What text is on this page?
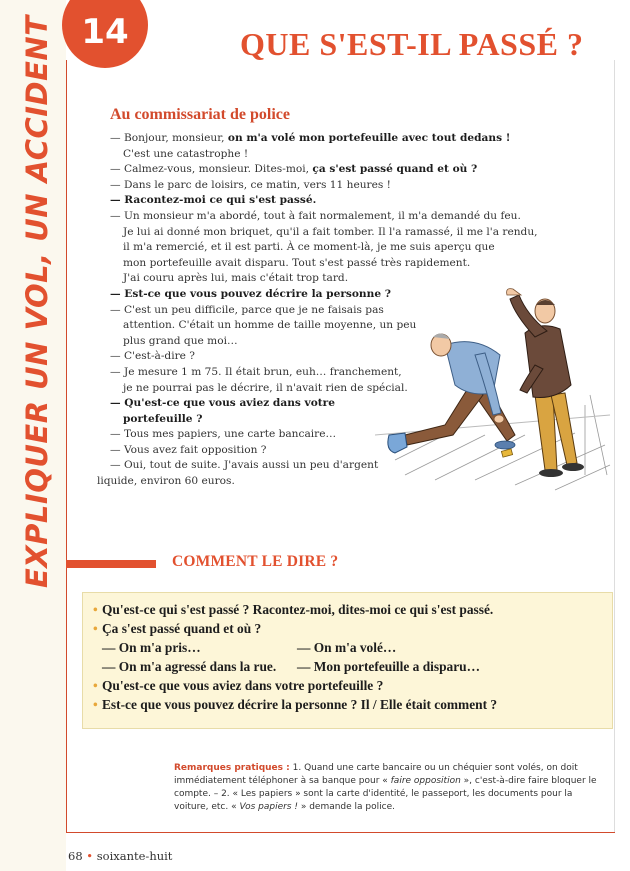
EXPLIQUER UN VOL, UN ACCIDENT 14	QUE S'EST-IL PASSÉ ?
Au commissariat de police
— Bonjour, monsieur, on m'a volé mon portefeuille avec tout dedans !
C'est une catastrophe !
— Calmez-vous, monsieur. Dites-moi, ça s'est passé quand et où ?
— Dans le parc de loisirs, ce matin, vers 11 heures !
— Racontez-moi ce qui s'est passé.
— Un monsieur m'a abordé, tout à fait normalement, il m'a demandé du feu.
Je lui ai donné mon briquet, qu'il a fait tomber. Il l'a ramassé, il me l'a rendu,
il m'a remercié, et il est parti. À ce moment-là, je me suis aperçu que
mon portefeuille avait disparu. Tout s'est passé très rapidement.
J'ai couru après lui, mais c'était trop tard.
— Est-ce que vous pouvez décrire la personne ?
— C'est un peu difficile, parce que je ne faisais pas
attention. C'était un homme de taille moyenne, un peu
plus grand que moi…
— C'est-à-dire ?
— Je mesure 1 m 75. Il était brun, euh… franchement,
je ne pourrai pas le décrire, il n'avait rien de spécial.
— Qu'est-ce que vous aviez dans votre
portefeuille ?
— Tous mes papiers, une carte bancaire…
— Vous avez fait opposition ?
— Oui, tout de suite. J'avais aussi un peu d'argent
liquide, environ 60 euros.
COMMENT LE DIRE ?
• Qu'est-ce qui s'est passé ? Racontez-moi, dites-moi ce qui s'est passé.
• Ça s'est passé quand et où ?
— On m'a pris…	— On m'a volé…
— On m'a agressé dans la rue. — Mon portefeuille a disparu…
• Qu'est-ce que vous aviez dans votre portefeuille ?
• Est-ce que vous pouvez décrire la personne ? Il / Elle était comment ?
Remarques pratiques : 1. Quand une carte bancaire ou un chéquier sont volés, on doit
immédiatement téléphoner à sa banque pour « faire opposition », c'est-à-dire faire bloquer le
compte. – 2. « Les papiers » sont la carte d'identité, le passeport, les documents pour la
voiture, etc. « Vos papiers ! » demande la police.
68 • soixante-huit
